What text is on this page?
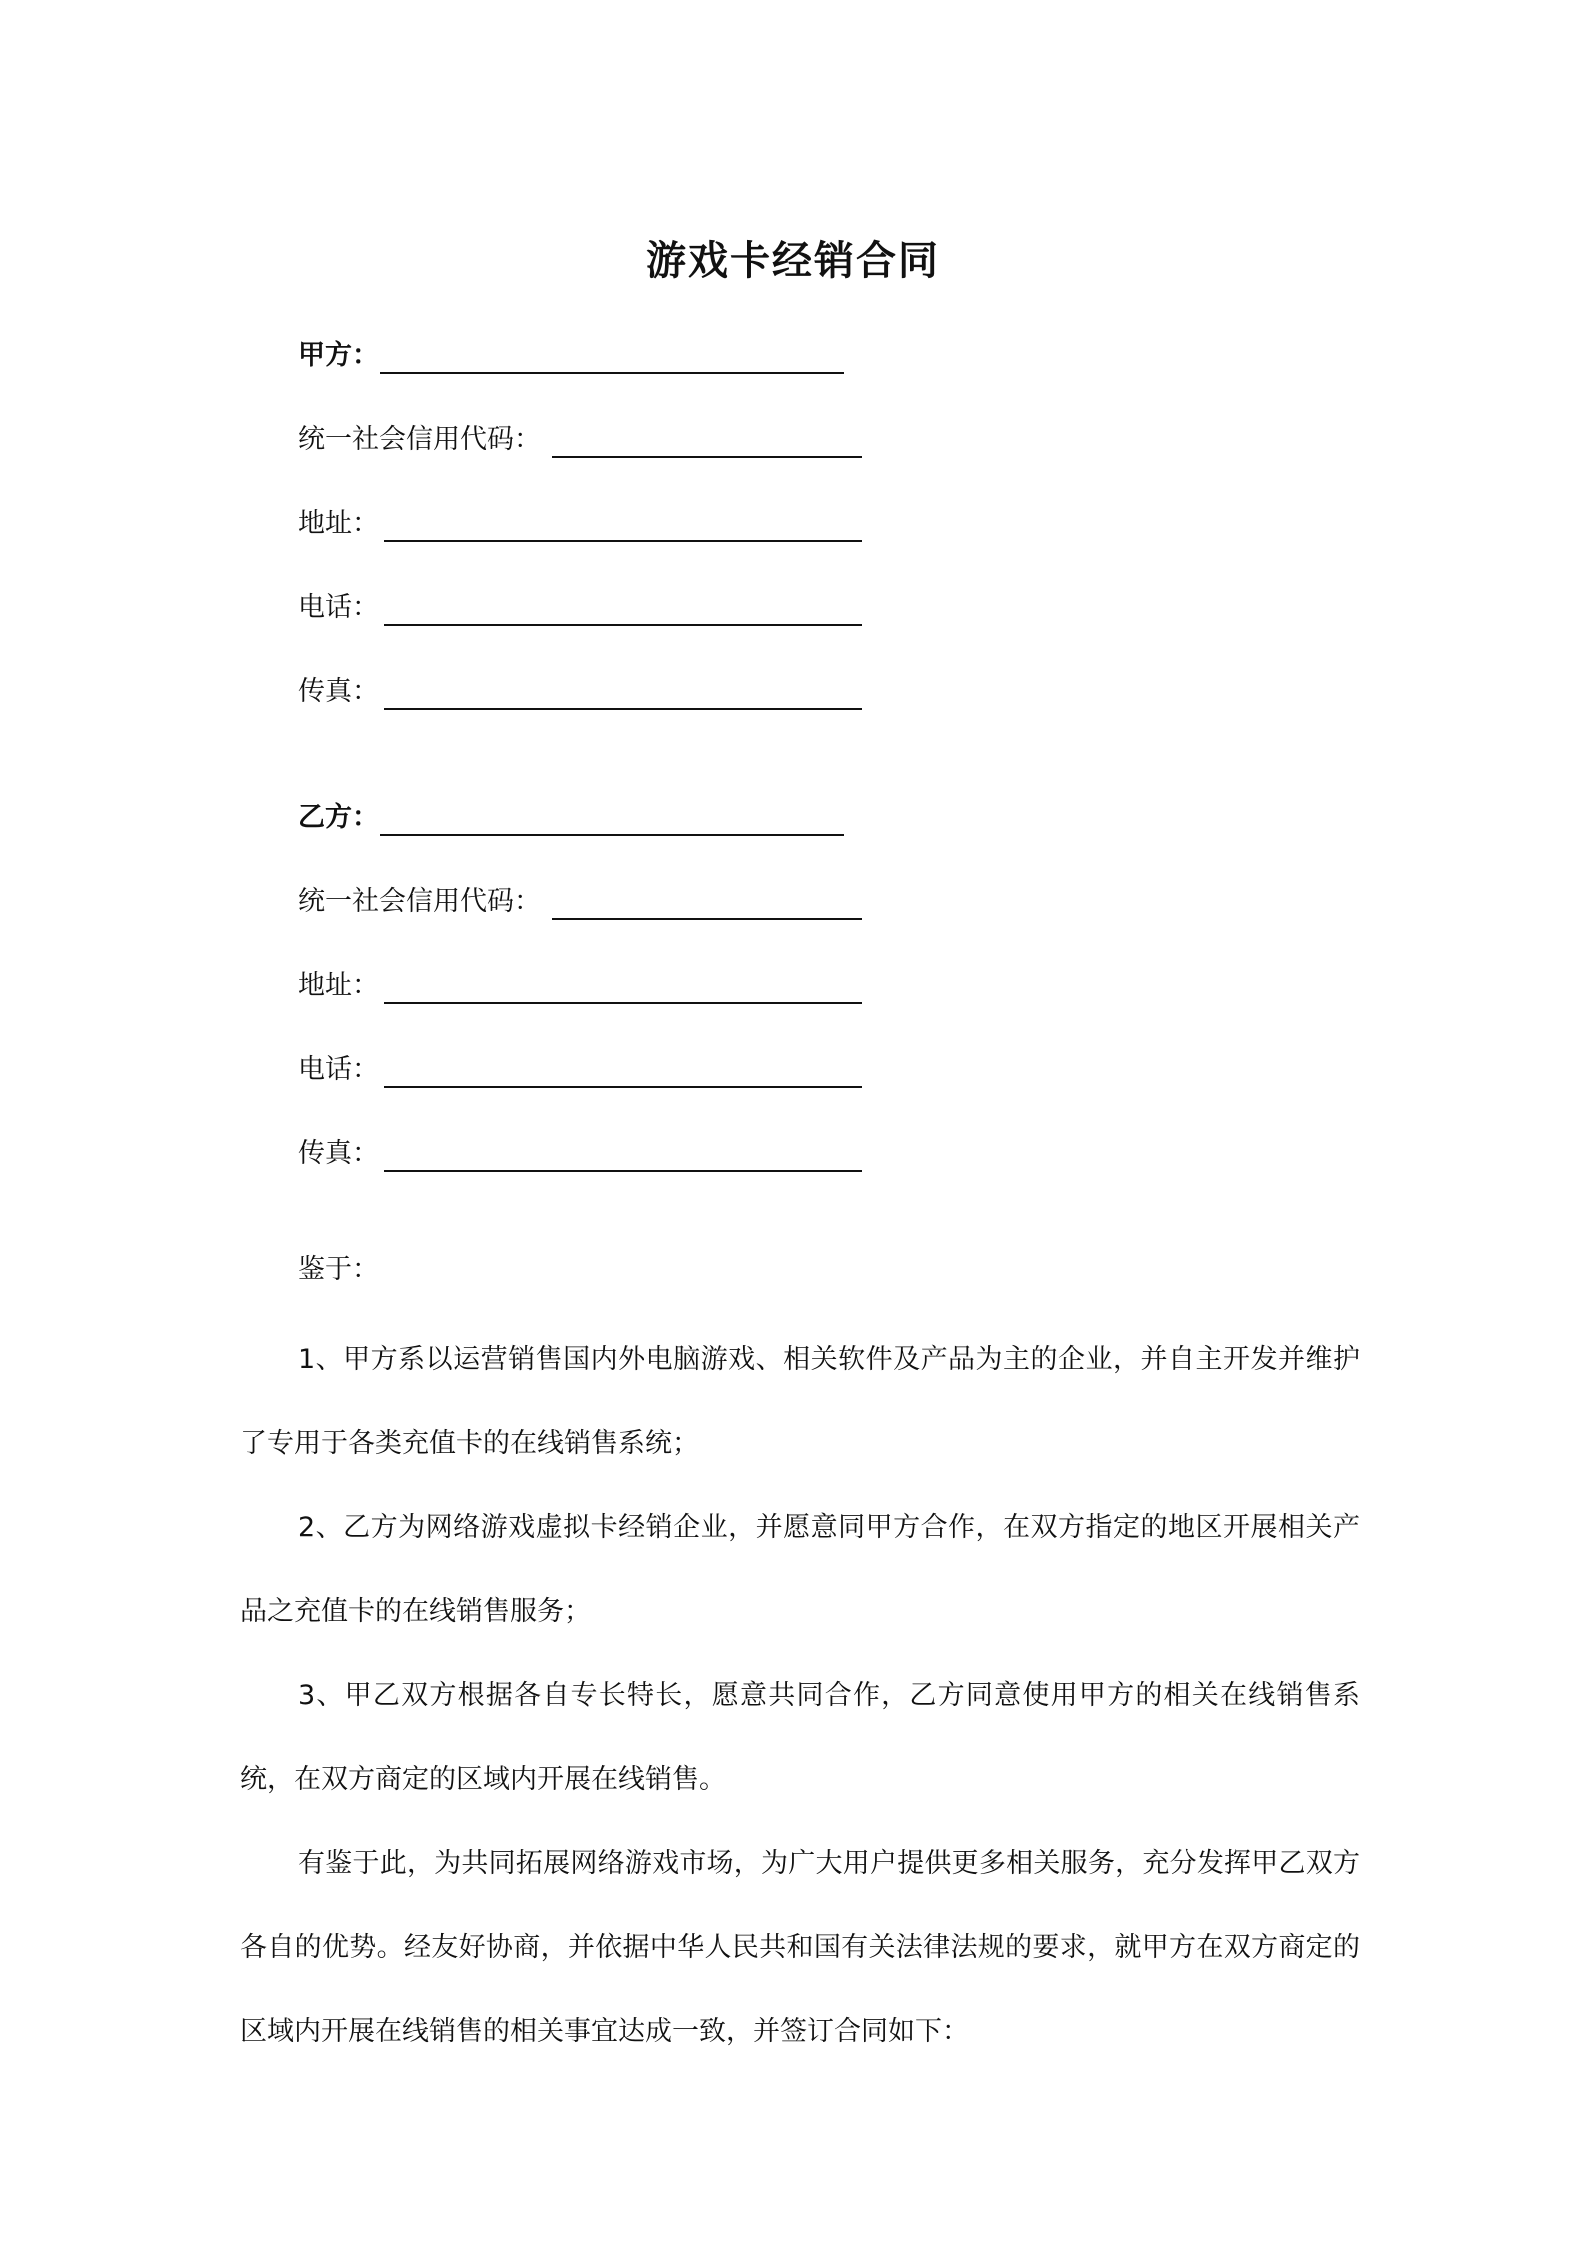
游戏卡经销合同
甲方：
统一社会信用代码：
地址：
电话：
传真：
乙方：
统一社会信用代码：
地址：
电话：
传真：
鉴于：

1、甲方系以运营销售国内外电脑游戏、相关软件及产品为主的企业，并自主开发并维护了专用于各类充值卡的在线销售系统；

2、乙方为网络游戏虚拟卡经销企业，并愿意同甲方合作，在双方指定的地区开展相关产品之充值卡的在线销售服务；

3、甲乙双方根据各自专长特长，愿意共同合作，乙方同意使用甲方的相关在线销售系统，在双方商定的区域内开展在线销售。

有鉴于此，为共同拓展网络游戏市场，为广大用户提供更多相关服务，充分发挥甲乙双方各自的优势。经友好协商，并依据中华人民共和国有关法律法规的要求，就甲方在双方商定的区域内开展在线销售的相关事宜达成一致，并签订合同如下：
